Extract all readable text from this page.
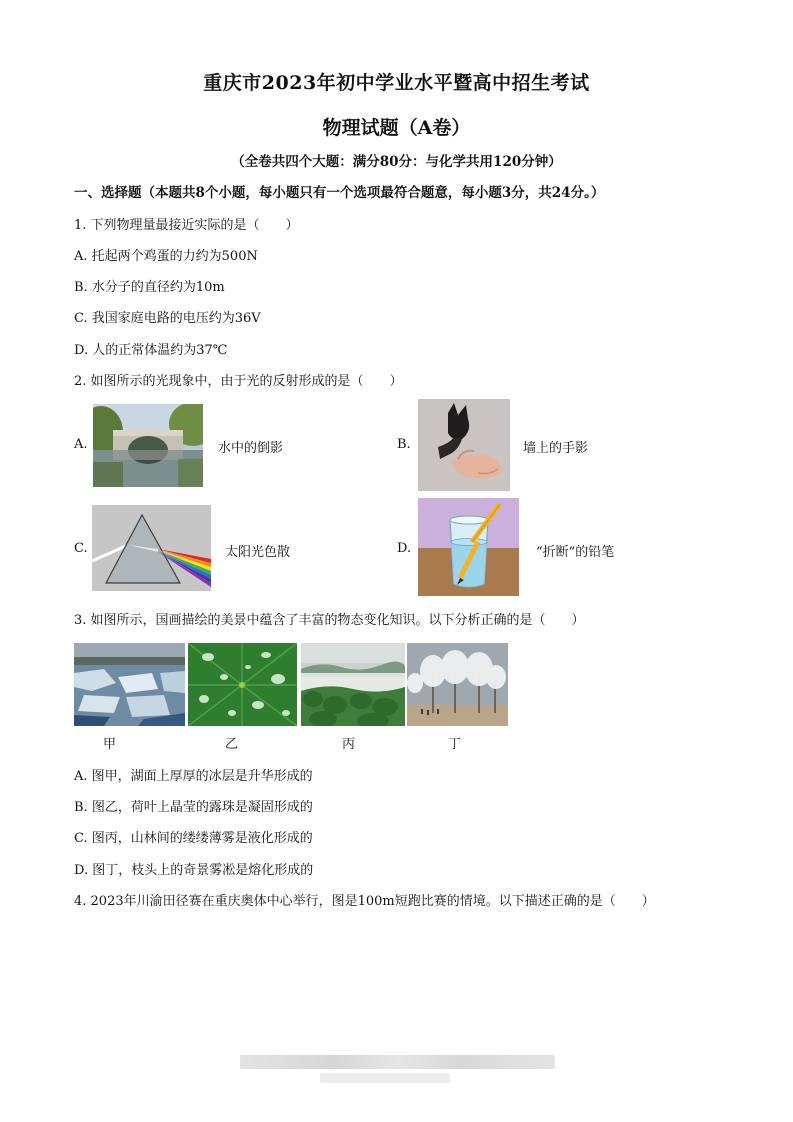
重庆市2023年初中学业水平暨高中招生考试
物理试题（A卷）
（全卷共四个大题：满分80分：与化学共用120分钟）
一、选择题（本题共8个小题，每小题只有一个选项最符合题意，每小题3分，共24分。）
1. 下列物理量最接近实际的是（　　）
A. 托起两个鸡蛋的力约为500N
B. 水分子的直径约为10m
C. 我国家庭电路的电压约为36V
D. 人的正常体温约为37℃
2. 如图所示的光现象中，由于光的反射形成的是（　　）
A.	水中的倒影	B.	墙上的手影
C.	太阳光色散	D.	“折断”的铅笔
3. 如图所示，国画描绘的美景中蕴含了丰富的物态变化知识。以下分析正确的是（　　）
甲	乙	丙	丁
A. 图甲，湖面上厚厚的冰层是升华形成的
B. 图乙，荷叶上晶莹的露珠是凝固形成的
C. 图丙，山林间的缕缕薄雾是液化形成的
D. 图丁，枝头上的奇景雾凇是熔化形成的
4. 2023年川渝田径赛在重庆奥体中心举行，图是100m短跑比赛的情境。以下描述正确的是（　　）
